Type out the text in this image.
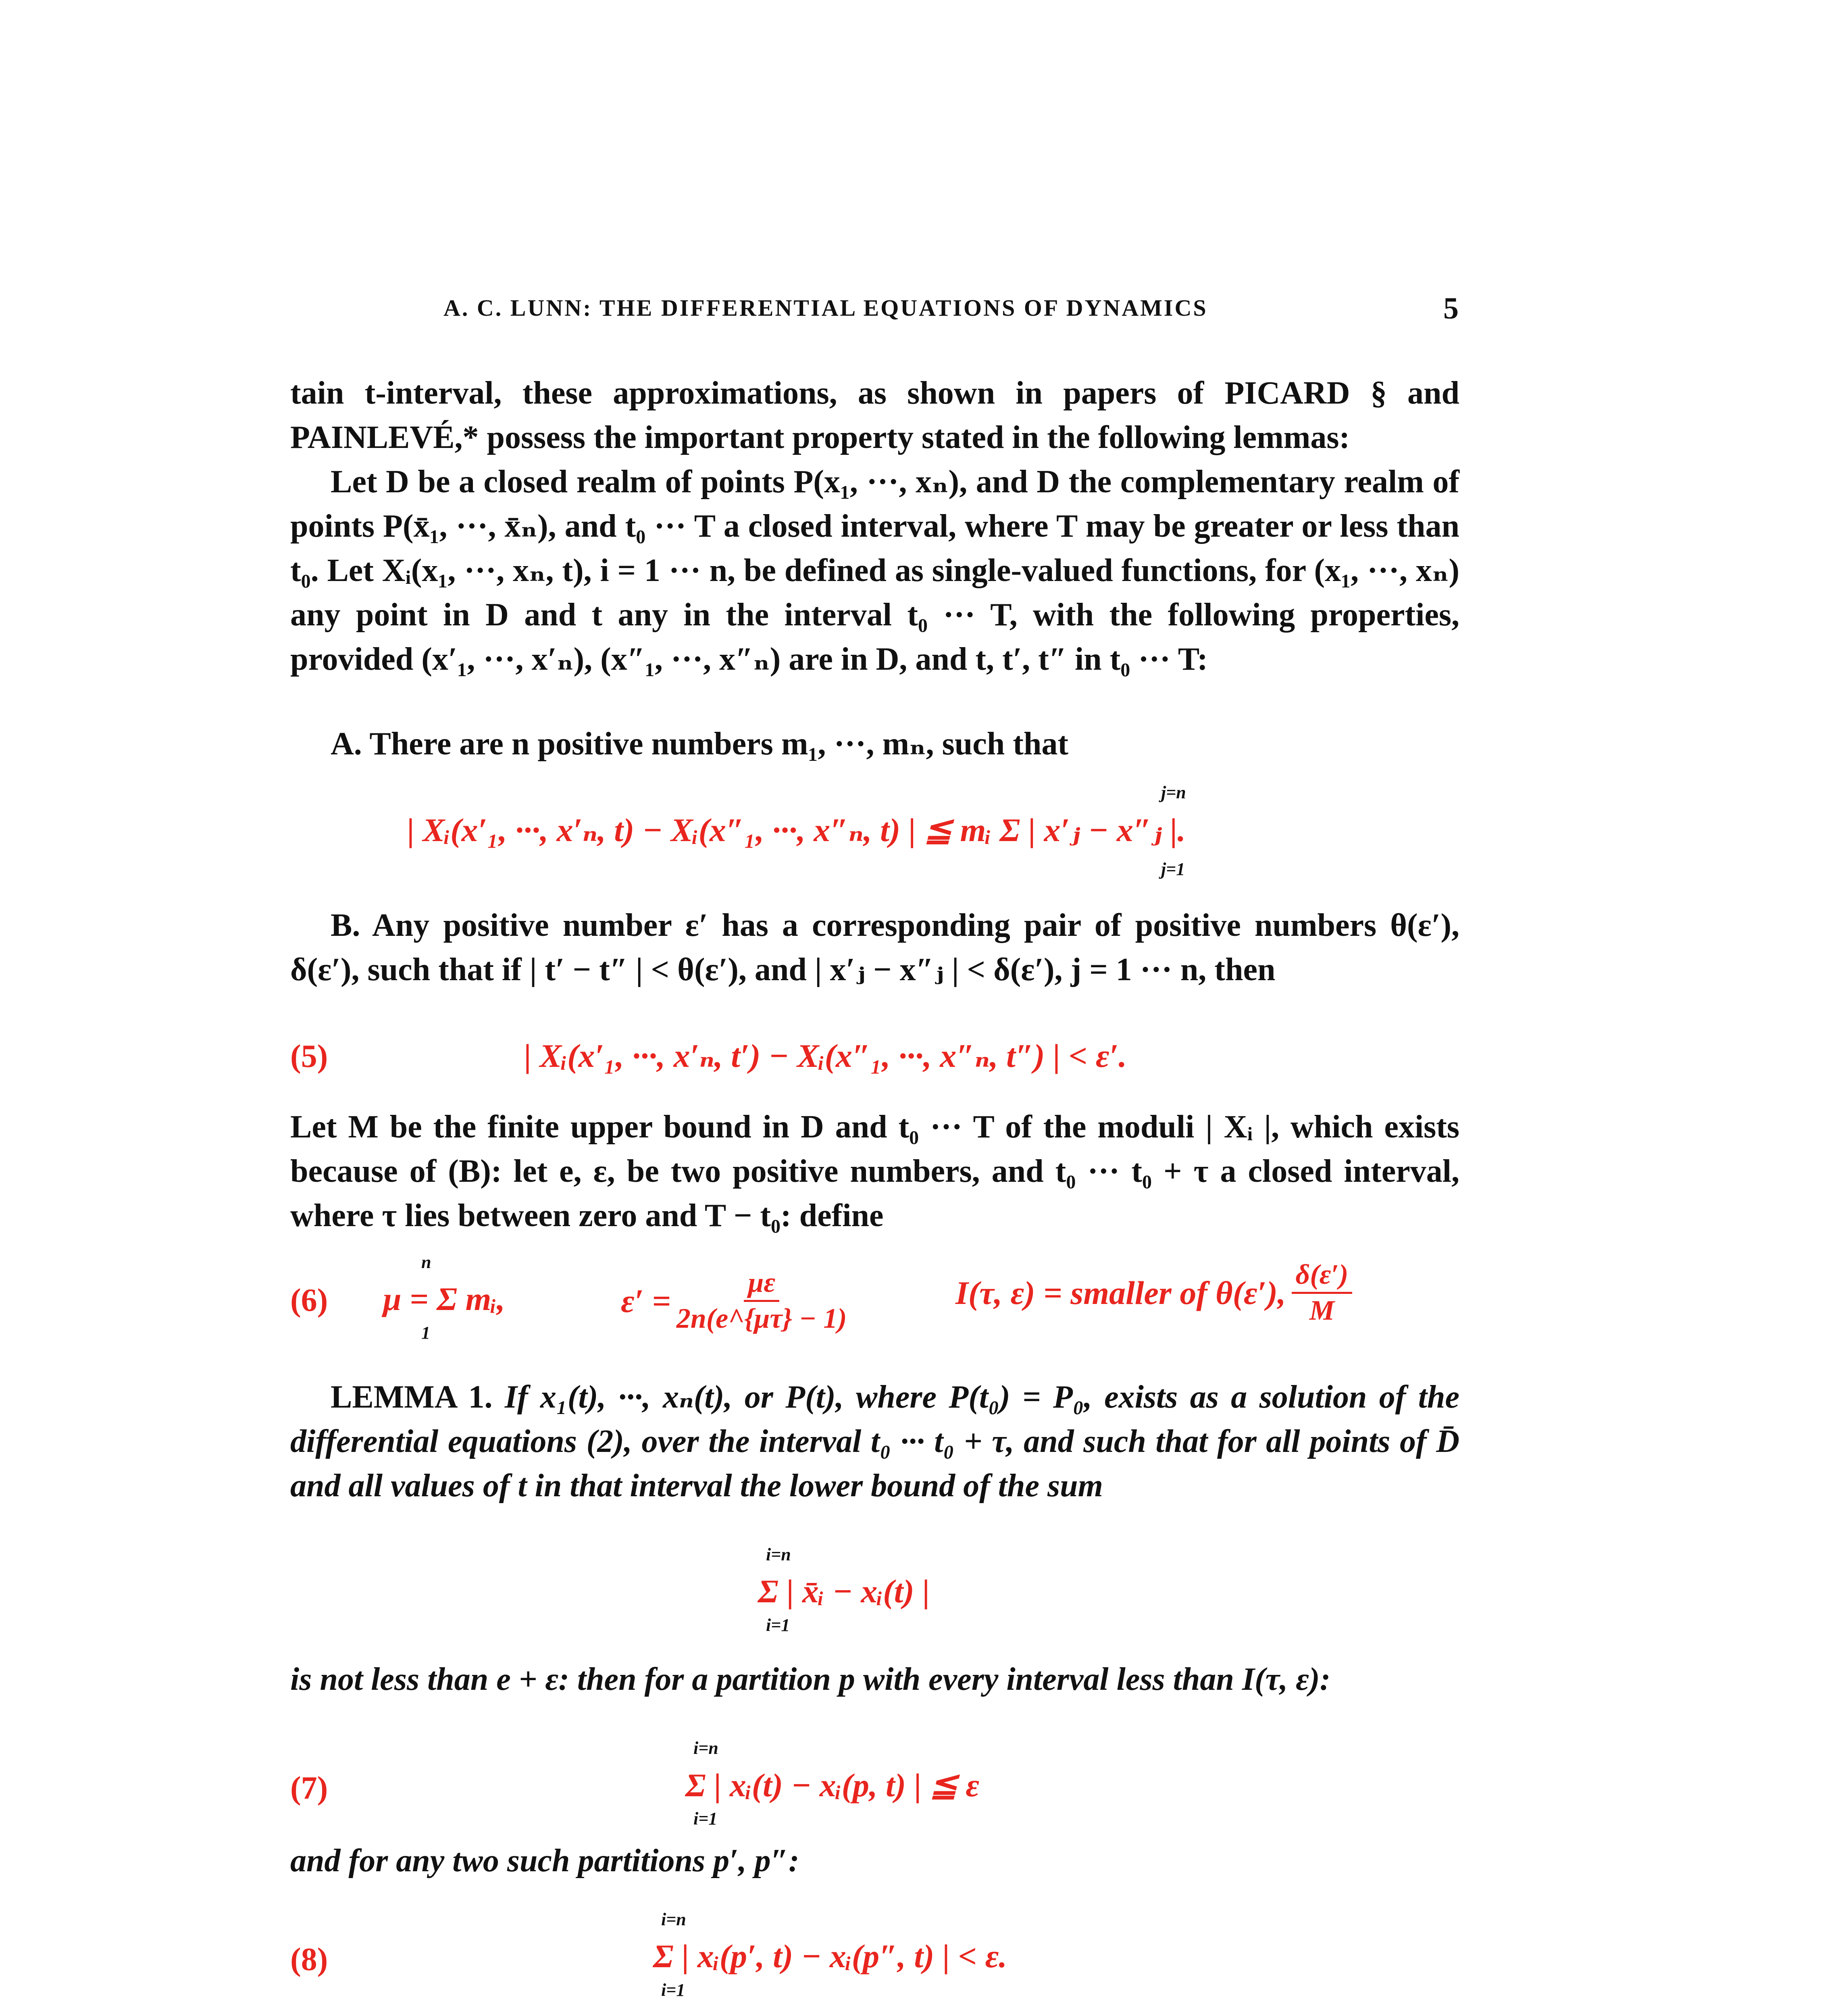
A. C. LUNN: THE DIFFERENTIAL EQUATIONS OF DYNAMICS	5

tain t-interval, these approximations, as shown in papers of PICARD § and PAINLEVÉ,* possess the important property stated in the following lemmas:

Let D be a closed realm of points P(x₁, ···, xₙ), and D the complementary realm of points P(x̄₁, ···, x̄ₙ), and t₀ ··· T a closed interval, where T may be greater or less than t₀. Let Xᵢ(x₁, ···, xₙ, t), i = 1 ··· n, be defined as single-valued functions, for (x₁, ···, xₙ) any point in D and t any in the interval t₀ ··· T, with the following properties, provided (x′₁, ···, x′ₙ), (x″₁, ···, x″ₙ) are in D, and t, t′, t″ in t₀ ··· T:

A. There are n positive numbers m₁, ···, mₙ, such that

j=n
| Xᵢ(x′₁, ···, x′ₙ, t) − Xᵢ(x″₁, ···, x″ₙ, t) | ≦ mᵢ Σ | x′ⱼ − x″ⱼ |.
j=1

B. Any positive number ε′ has a corresponding pair of positive numbers θ(ε′), δ(ε′), such that if | t′ − t″ | < θ(ε′), and | x′ⱼ − x″ⱼ | < δ(ε′), j = 1 ··· n, then

(5)	| Xᵢ(x′₁, ···, x′ₙ, t′) − Xᵢ(x″₁, ···, x″ₙ, t″) | < ε′.

Let M be the finite upper bound in D and t₀ ··· T of the moduli | Xᵢ |, which exists because of (B): let e, ε, be two positive numbers, and t₀ ··· t₀ + τ a closed interval, where τ lies between zero and T − t₀: define

(6)
n
μ = Σ mᵢ,
1
$\varepsilon' = \frac{\mu\varepsilon}{2n(e\^{}\{\mu\tau\} - 1)}$	I(τ, ε) = smaller of θ(ε′), $\frac{\delta(\varepsilon')}{M}$

LEMMA 1. If x₁(t), ···, xₙ(t), or P(t), where P(t₀) = P₀, exists as a solution of the differential equations (2), over the interval t₀ ··· t₀ + τ, and such that for all points of D̄ and all values of t in that interval the lower bound of the sum

i=n
Σ | x̄ᵢ − xᵢ(t) |
i=1

is not less than e + ε: then for a partition p with every interval less than I(τ, ε):

(7)
i=n
Σ | xᵢ(t) − xᵢ(p, t) | ≦ ε
i=1

and for any two such partitions p′, p″:

(8)
i=n
Σ | xᵢ(p′, t) − xᵢ(p″, t) | < ε.
i=1
